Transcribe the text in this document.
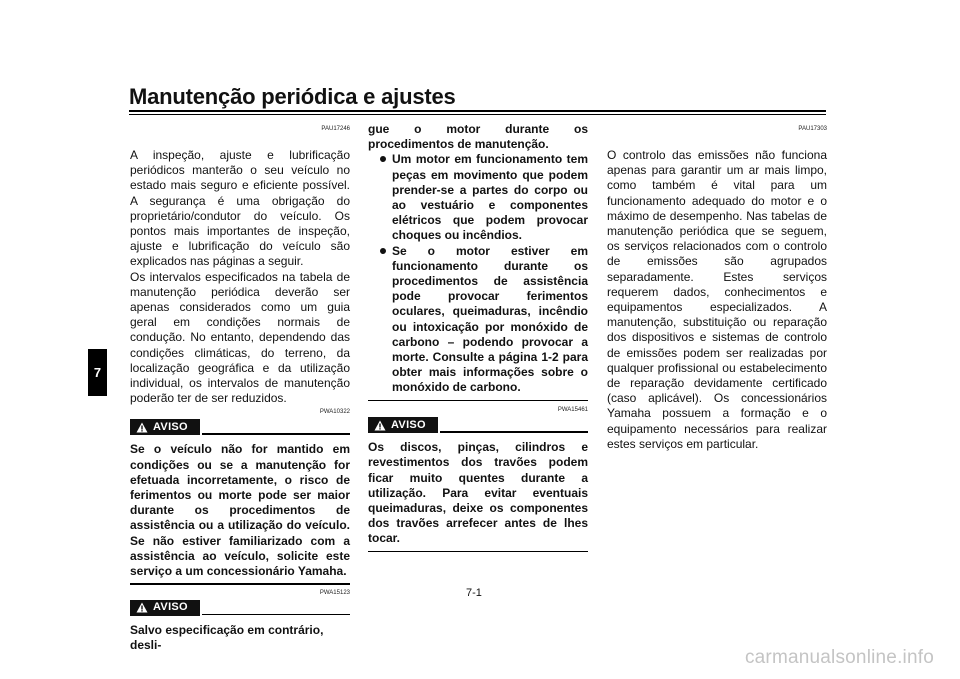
Manutenção periódica e ajustes
7
PAU17246
A inspeção, ajuste e lubrificação periódicos manterão o seu veículo no estado mais seguro e eficiente possível. A segurança é uma obrigação do proprietário/condutor do veículo. Os pontos mais importantes de inspeção, ajuste e lubrificação do veículo são explicados nas páginas a seguir.
Os intervalos especificados na tabela de manutenção periódica deverão ser apenas considerados como um guia geral em condições normais de condução. No entanto, dependendo das condições climáticas, do terreno, da localização geográfica e da utilização individual, os intervalos de manutenção poderão ter de ser reduzidos.
PWA10322
AVISO
Se o veículo não for mantido em condições ou se a manutenção for efetuada incorretamente, o risco de ferimentos ou morte pode ser maior durante os procedimentos de assistência ou a utilização do veículo. Se não estiver familiarizado com a assistência ao veículo, solicite este serviço a um concessionário Yamaha.
PWA15123
AVISO
Salvo especificação em contrário, desli-
gue o motor durante os procedimentos de manutenção.
Um motor em funcionamento tem peças em movimento que podem prender-se a partes do corpo ou ao vestuário e componentes elétricos que podem provocar choques ou incêndios.
Se o motor estiver em funcionamento durante os procedimentos de assistência pode provocar ferimentos oculares, queimaduras, incêndio ou intoxicação por monóxido de carbono – podendo provocar a morte. Consulte a página 1-2 para obter mais informações sobre o monóxido de carbono.
PWA15461
AVISO
Os discos, pinças, cilindros e revestimentos dos travões podem ficar muito quentes durante a utilização. Para evitar eventuais queimaduras, deixe os componentes dos travões arrefecer antes de lhes tocar.
PAU17303
O controlo das emissões não funciona apenas para garantir um ar mais limpo, como também é vital para um funcionamento adequado do motor e o máximo de desempenho. Nas tabelas de manutenção periódica que se seguem, os serviços relacionados com o controlo de emissões são agrupados separadamente. Estes serviços requerem dados, conhecimentos e equipamentos especializados. A manutenção, substituição ou reparação dos dispositivos e sistemas de controlo de emissões podem ser realizadas por qualquer profissional ou estabelecimento de reparação devidamente certificado (caso aplicável). Os concessionários Yamaha possuem a formação e o equipamento necessários para realizar estes serviços em particular.
7-1
carmanualsonline.info
